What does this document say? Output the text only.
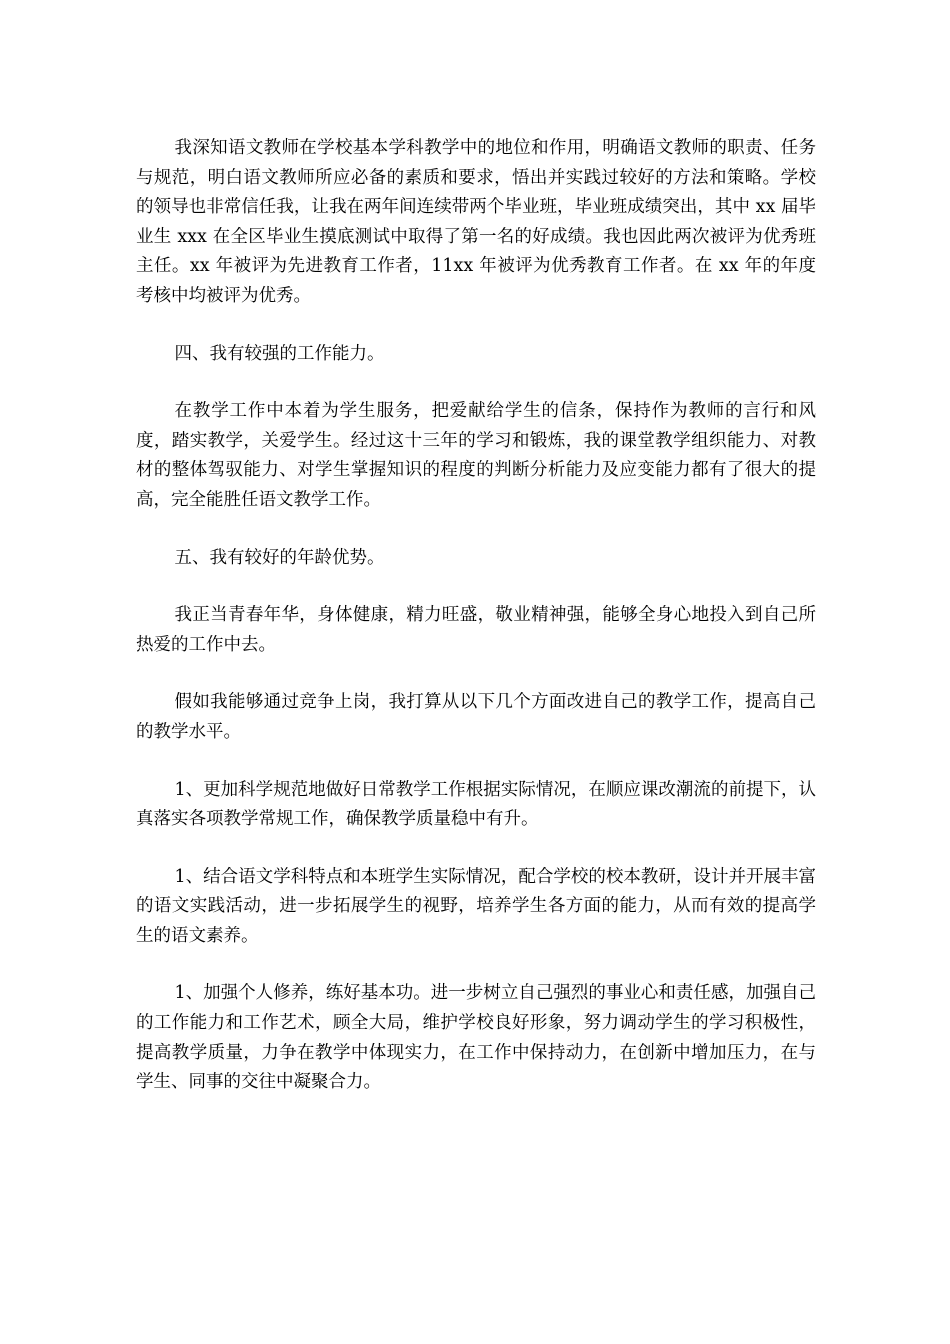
我深知语文教师在学校基本学科教学中的地位和作用，明确语文教师的职责、任务与规范，明白语文教师所应必备的素质和要求，悟出并实践过较好的方法和策略。学校的领导也非常信任我，让我在两年间连续带两个毕业班，毕业班成绩突出，其中 xx 届毕业生 xxx 在全区毕业生摸底测试中取得了第一名的好成绩。我也因此两次被评为优秀班主任。xx 年被评为先进教育工作者，11xx 年被评为优秀教育工作者。在 xx 年的年度考核中均被评为优秀。

四、我有较强的工作能力。

在教学工作中本着为学生服务，把爱献给学生的信条，保持作为教师的言行和风度，踏实教学，关爱学生。经过这十三年的学习和锻炼，我的课堂教学组织能力、对教材的整体驾驭能力、对学生掌握知识的程度的判断分析能力及应变能力都有了很大的提高，完全能胜任语文教学工作。

五、我有较好的年龄优势。

我正当青春年华，身体健康，精力旺盛，敬业精神强，能够全身心地投入到自己所热爱的工作中去。

假如我能够通过竞争上岗，我打算从以下几个方面改进自己的教学工作，提高自己的教学水平。

1、更加科学规范地做好日常教学工作根据实际情况，在顺应课改潮流的前提下，认真落实各项教学常规工作，确保教学质量稳中有升。

1、结合语文学科特点和本班学生实际情况，配合学校的校本教研，设计并开展丰富的语文实践活动，进一步拓展学生的视野，培养学生各方面的能力，从而有效的提高学生的语文素养。

1、加强个人修养，练好基本功。进一步树立自己强烈的事业心和责任感，加强自己的工作能力和工作艺术，顾全大局，维护学校良好形象，努力调动学生的学习积极性，提高教学质量，力争在教学中体现实力，在工作中保持动力，在创新中增加压力，在与学生、同事的交往中凝聚合力。
